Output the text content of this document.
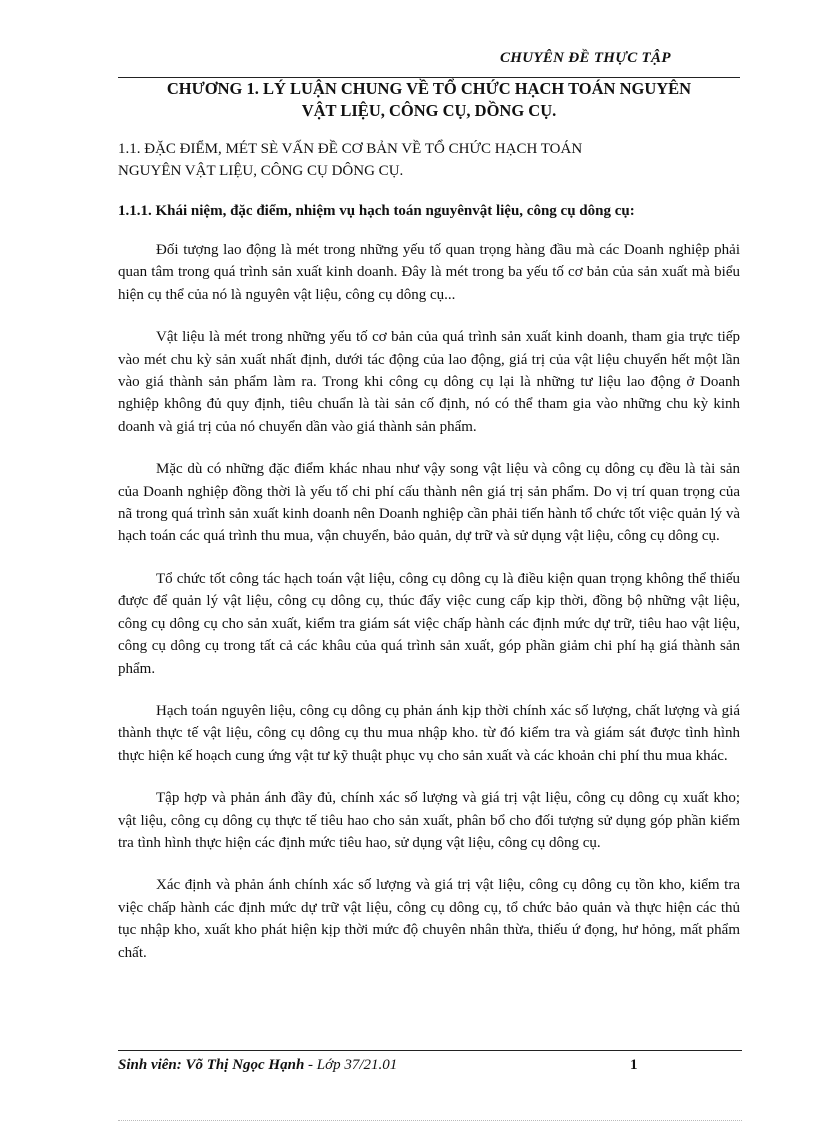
CHUYÊN ĐỀ THỰC TẬP
CHƯƠNG 1. LÝ LUẬN CHUNG VỀ TỔ CHỨC HẠCH TOÁN NGUYÊN
VẬT LIỆU, CÔNG CỤ, DỒNG CỤ.
1.1. ĐẶC ĐIỂM, MÉT SÈ VẤN ĐỀ CƠ BẢN VỀ TỔ CHỨC HẠCH TOÁN
NGUYÊN VẬT LIỆU, CÔNG CỤ DÔNG CỤ.
1.1.1. Khái niệm, đặc điểm, nhiệm vụ hạch toán nguyênvật liệu, công cụ dông cụ:

Đối tượng lao động là mét trong những yếu tố quan trọng hàng đầu mà các Doanh nghiệp phải quan tâm trong quá trình sản xuất kinh doanh. Đây là mét trong ba yếu tố cơ bản của sản xuất mà biểu hiện cụ thể của nó là nguyên vật liệu, công cụ dông cụ...

Vật liệu là mét trong những yếu tố cơ bản của quá trình sản xuất kinh doanh, tham gia trực tiếp vào mét chu kỳ sản xuất nhất định, dưới tác động của lao động, giá trị của vật liệu chuyển hết một lần vào giá thành sản phẩm làm ra. Trong khi công cụ dông cụ lại là những tư liệu lao động ở Doanh nghiệp không đủ quy định, tiêu chuẩn là tài sản cố định, nó có thể tham gia vào những chu kỳ kinh doanh và giá trị của nó chuyển dần vào giá thành sản phẩm.

Mặc dù có những đặc điểm khác nhau như vậy song vật liệu và công cụ dông cụ đều là tài sản của Doanh nghiệp đồng thời là yếu tố chi phí cấu thành nên giá trị sản phẩm. Do vị trí quan trọng của nã trong quá trình sản xuất kinh doanh nên Doanh nghiệp cần phải tiến hành tổ chức tốt việc quản lý và hạch toán các quá trình thu mua, vận chuyển, bảo quản, dự trữ và sử dụng vật liệu, công cụ dông cụ.

Tổ chức tốt công tác hạch toán vật liệu, công cụ dông cụ là điều kiện quan trọng không thể thiếu được để quản lý vật liệu, công cụ dông cụ, thúc đẩy việc cung cấp kịp thời, đồng bộ những vật liệu, công cụ dông cụ cho sản xuất, kiểm tra giám sát việc chấp hành các định mức dự trữ, tiêu hao vật liệu, công cụ dông cụ trong tất cả các khâu của quá trình sản xuất, góp phần giảm chi phí hạ giá thành sản phẩm.

Hạch toán nguyên liệu, công cụ dông cụ phản ánh kịp thời chính xác số lượng, chất lượng và giá thành thực tế vật liệu, công cụ dông cụ thu mua nhập kho. từ đó kiểm tra và giám sát được tình hình thực hiện kế hoạch cung ứng vật tư kỹ thuật phục vụ cho sản xuất và các khoản chi phí thu mua khác.

Tập hợp và phản ánh đầy đủ, chính xác số lượng và giá trị vật liệu, công cụ dông cụ xuất kho; vật liệu, công cụ dông cụ thực tế tiêu hao cho sản xuất, phân bổ cho đối tượng sử dụng góp phần kiểm tra tình hình thực hiện các định mức tiêu hao, sử dụng vật liệu, công cụ dông cụ.

Xác định và phản ánh chính xác số lượng và giá trị vật liệu, công cụ dông cụ tồn kho, kiểm tra việc chấp hành các định mức dự trữ vật liệu, công cụ dông cụ, tổ chức bảo quản và thực hiện các thủ tục nhập kho, xuất kho phát hiện kịp thời mức độ chuyên nhân thừa, thiếu ứ đọng, hư hỏng, mất phẩm chất.

Sinh viên: Võ Thị Ngọc Hạnh - Lớp 37/21.01	1
